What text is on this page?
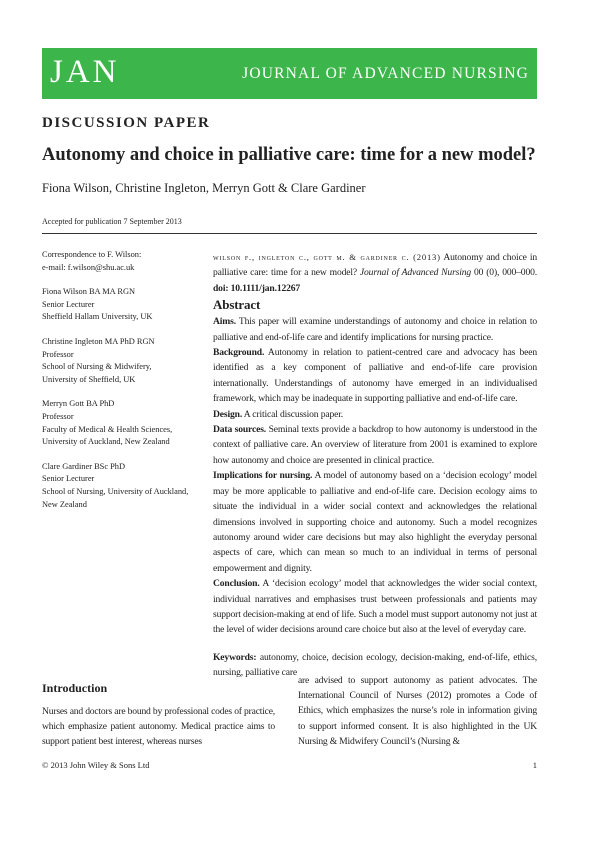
JAN	JOURNAL OF ADVANCED NURSING
DISCUSSION PAPER
Autonomy and choice in palliative care: time for a new model?
Fiona Wilson, Christine Ingleton, Merryn Gott & Clare Gardiner
Accepted for publication 7 September 2013

Correspondence to F. Wilson:
e-mail: f.wilson@shu.ac.uk

Fiona Wilson BA MA RGN
Senior Lecturer
Sheffield Hallam University, UK

Christine Ingleton MA PhD RGN
Professor
School of Nursing & Midwifery,
University of Sheffield, UK

Merryn Gott BA PhD
Professor
Faculty of Medical & Health Sciences,
University of Auckland, New Zealand

Clare Gardiner BSc PhD
Senior Lecturer
School of Nursing, University of Auckland,
New Zealand

wilson f., ingleton c., gott m. & gardiner c. (2013) Autonomy and choice in palliative care: time for a new model? Journal of Advanced Nursing 00 (0), 000–000. doi: 10.1111/jan.12267

Abstract

Aims. This paper will examine understandings of autonomy and choice in relation to palliative and end-of-life care and identify implications for nursing practice.

Background. Autonomy in relation to patient-centred care and advocacy has been identified as a key component of palliative and end-of-life care provision internationally. Understandings of autonomy have emerged in an individualised framework, which may be inadequate in supporting palliative and end-of-life care.

Design. A critical discussion paper.

Data sources. Seminal texts provide a backdrop to how autonomy is understood in the context of palliative care. An overview of literature from 2001 is examined to explore how autonomy and choice are presented in clinical practice.

Implications for nursing. A model of autonomy based on a ‘decision ecology’ model may be more applicable to palliative and end-of-life care. Decision ecology aims to situate the individual in a wider social context and acknowledges the relational dimensions involved in supporting choice and autonomy. Such a model recognizes autonomy around wider care decisions but may also highlight the everyday personal aspects of care, which can mean so much to an individual in terms of personal empowerment and dignity.

Conclusion. A ‘decision ecology’ model that acknowledges the wider social context, individual narratives and emphasises trust between professionals and patients may support decision-making at end of life. Such a model must support autonomy not just at the level of wider decisions around care choice but also at the level of everyday care.

Keywords: autonomy, choice, decision ecology, decision-making, end-of-life, ethics, nursing, palliative care

Introduction
Nurses and doctors are bound by professional codes of practice, which emphasize patient autonomy. Medical practice aims to support patient best interest, whereas nurses
are advised to support autonomy as patient advocates. The International Council of Nurses (2012) promotes a Code of Ethics, which emphasizes the nurse’s role in information giving to support informed consent. It is also highlighted in the UK Nursing & Midwifery Council’s (Nursing &
© 2013 John Wiley & Sons Ltd	1
